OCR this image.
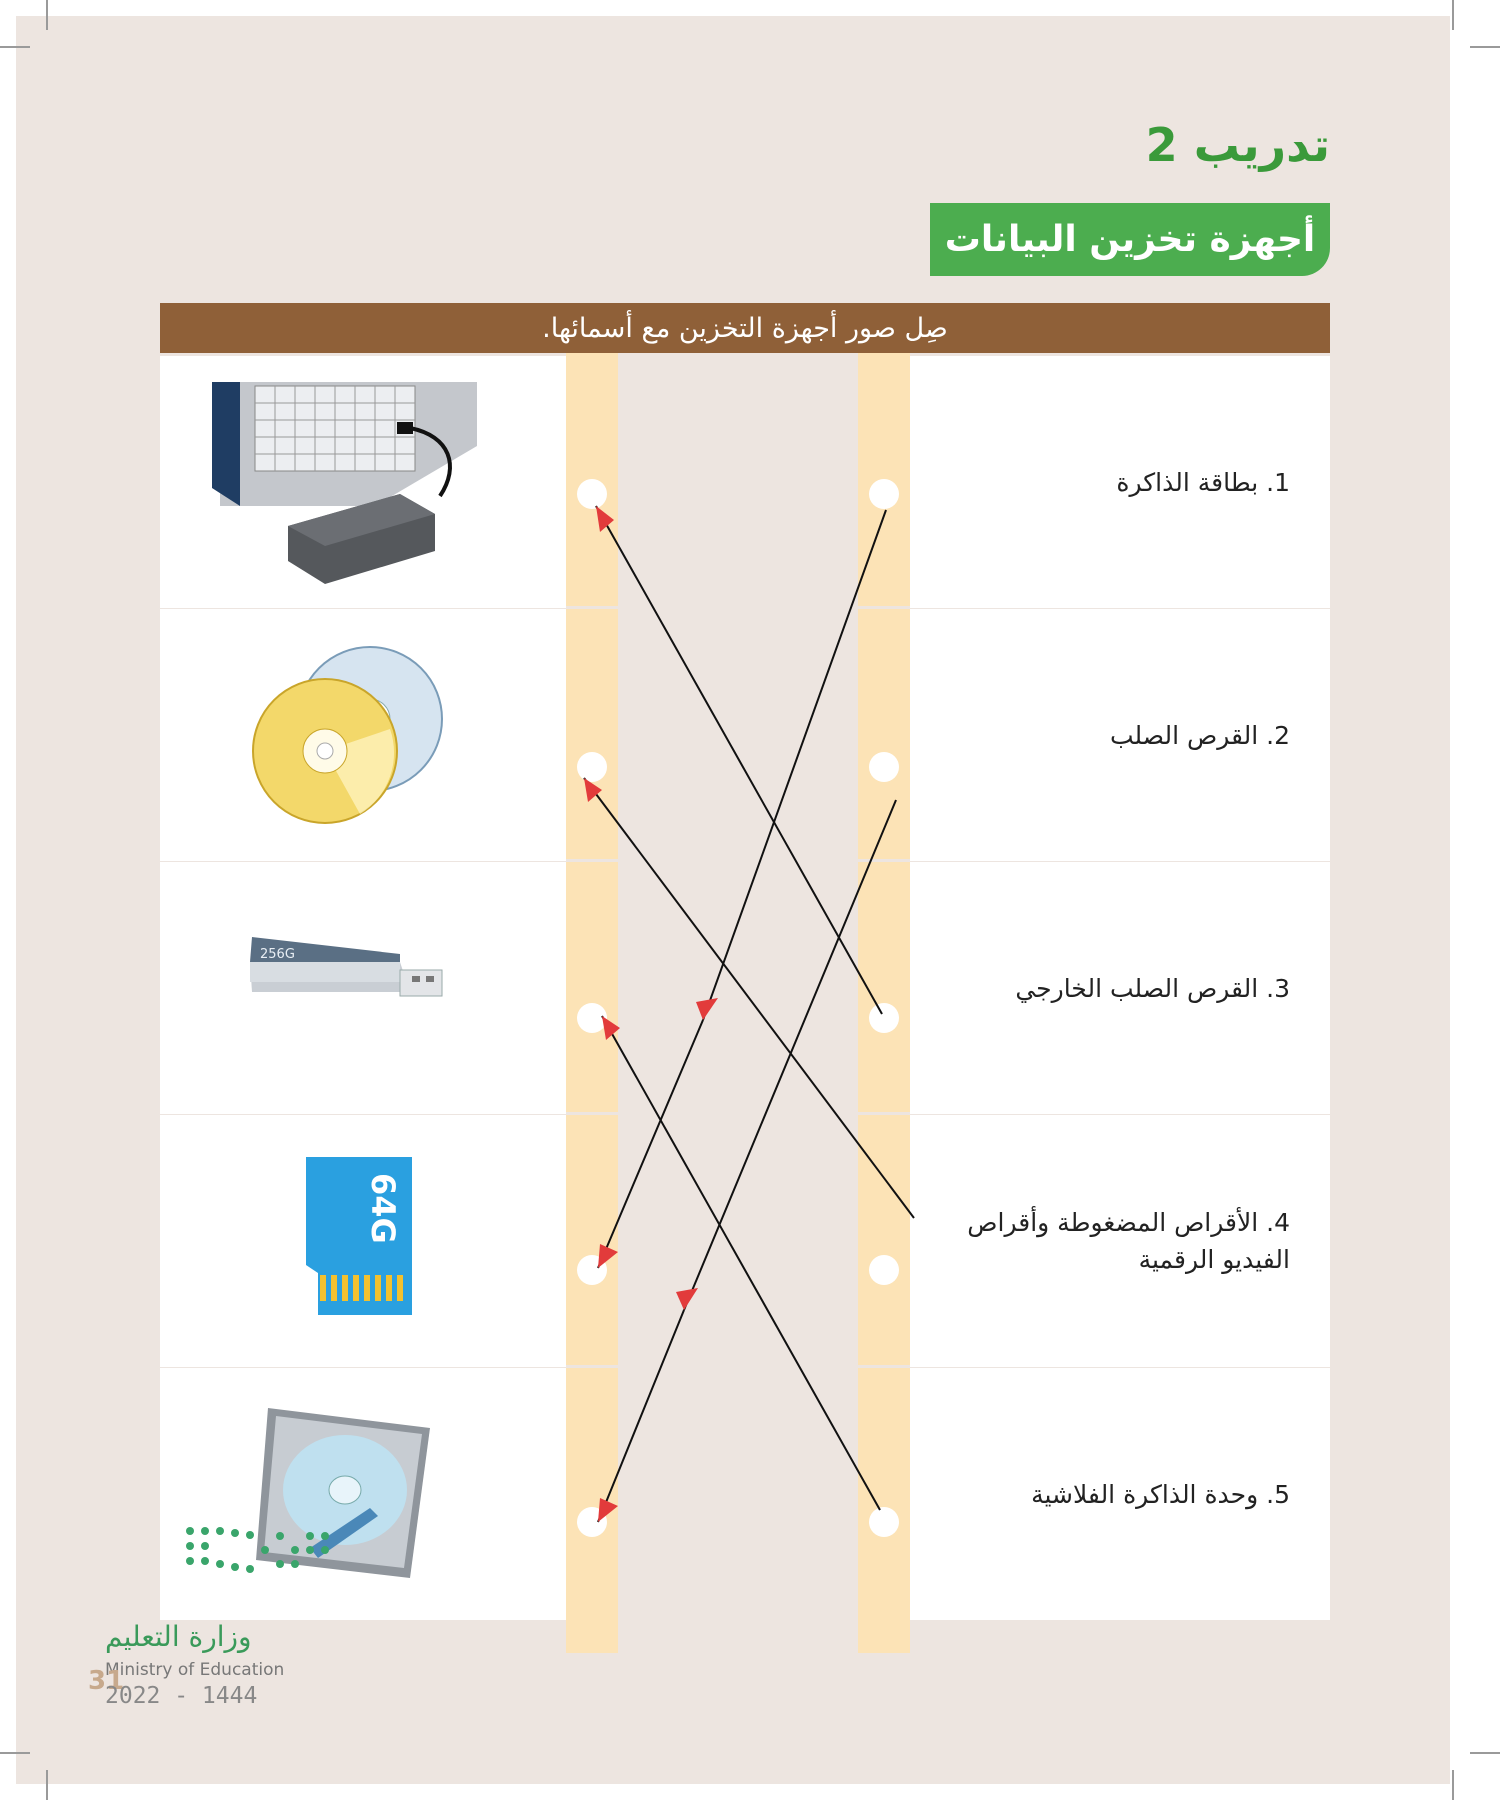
تدريب 2
أجهزة تخزين البيانات
صِل صور أجهزة التخزين مع أسمائها.
256G
64G
1. بطاقة الذاكرة
2. القرص الصلب
3. القرص الصلب الخارجي
4. الأقراص المضغوطة وأقراص الفيديو الرقمية
5. وحدة الذاكرة الفلاشية
وزارة التعليم
Ministry of Education
31
2022 - 1444
